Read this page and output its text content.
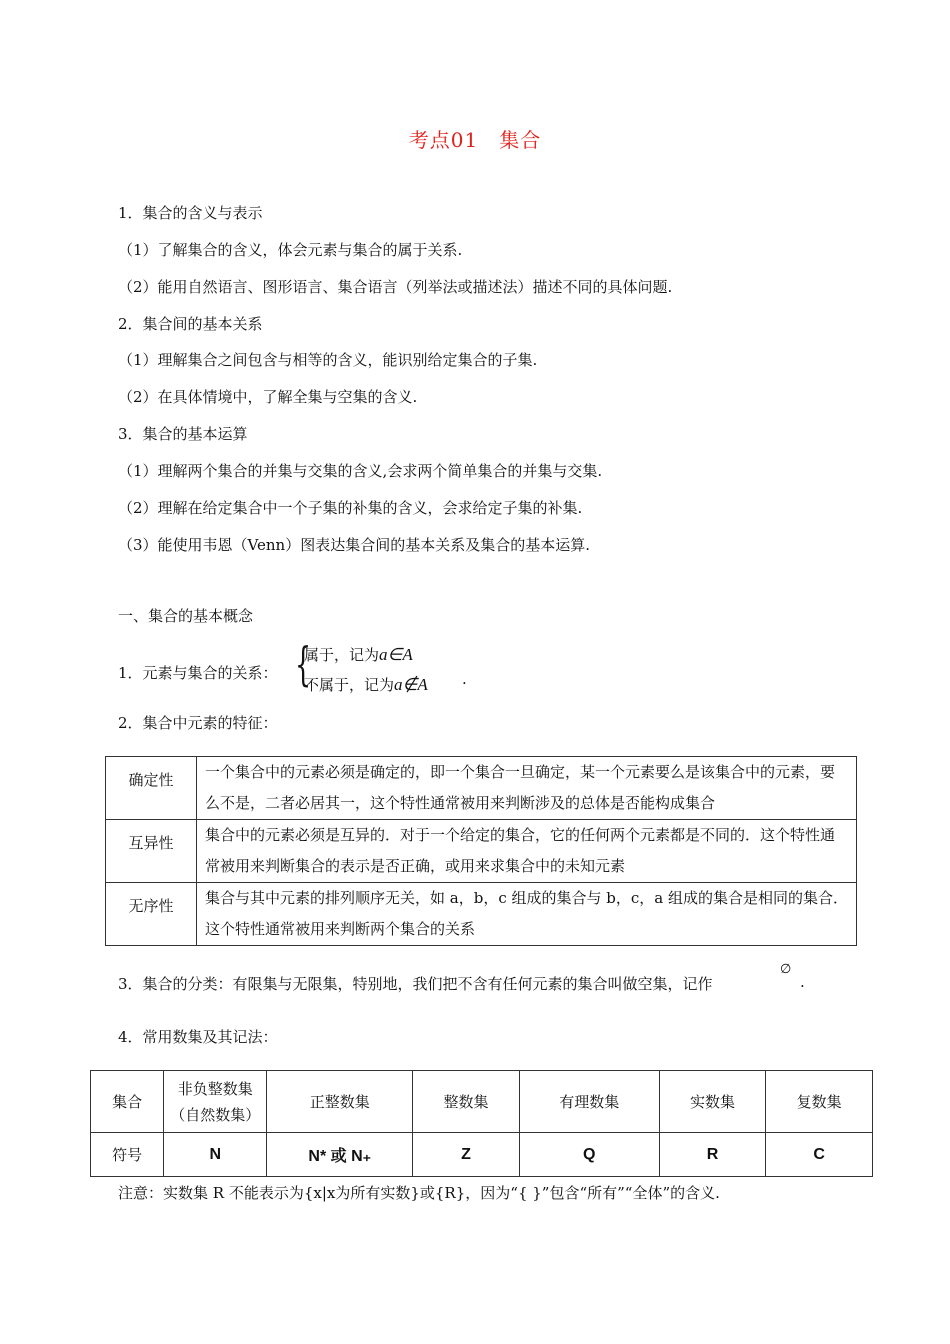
考点01　集合
1．集合的含义与表示
（1）了解集合的含义，体会元素与集合的属于关系.
（2）能用自然语言、图形语言、集合语言（列举法或描述法）描述不同的具体问题.
2．集合间的基本关系
（1）理解集合之间包含与相等的含义，能识别给定集合的子集.
（2）在具体情境中，了解全集与空集的含义.
3．集合的基本运算
（1）理解两个集合的并集与交集的含义,会求两个简单集合的并集与交集.
（2）理解在给定集合中一个子集的补集的含义，会求给定子集的补集.
（3）能使用韦恩（Venn）图表达集合间的基本关系及集合的基本运算.
一、集合的基本概念
1．元素与集合的关系： {
属于，记为a∈A
不属于，记为a∉A .
2．集合中元素的特征：
确定性	一个集合中的元素必须是确定的，即一个集合一旦确定，某一个元素要么是该集合中的元素，要么不是，二者必居其一，这个特性通常被用来判断涉及的总体是否能构成集合
互异性	集合中的元素必须是互异的．对于一个给定的集合，它的任何两个元素都是不同的．这个特性通常被用来判断集合的表示是否正确，或用来求集合中的未知元素
无序性	集合与其中元素的排列顺序无关，如 a，b，c 组成的集合与 b，c，a 组成的集合是相同的集合．这个特性通常被用来判断两个集合的关系
3．集合的分类：有限集与无限集，特别地，我们把不含有任何元素的集合叫做空集，记作
∅
.
4．常用数集及其记法：
集合	非负整数集（自然数集）	正整数集	整数集	有理数集	实数集	复数集
符号	N	N* 或 N₊	Z	Q	R	C
注意：实数集 R 不能表示为{x|x为所有实数}或{R}，因为“{ }”包含“所有”“全体”的含义.
